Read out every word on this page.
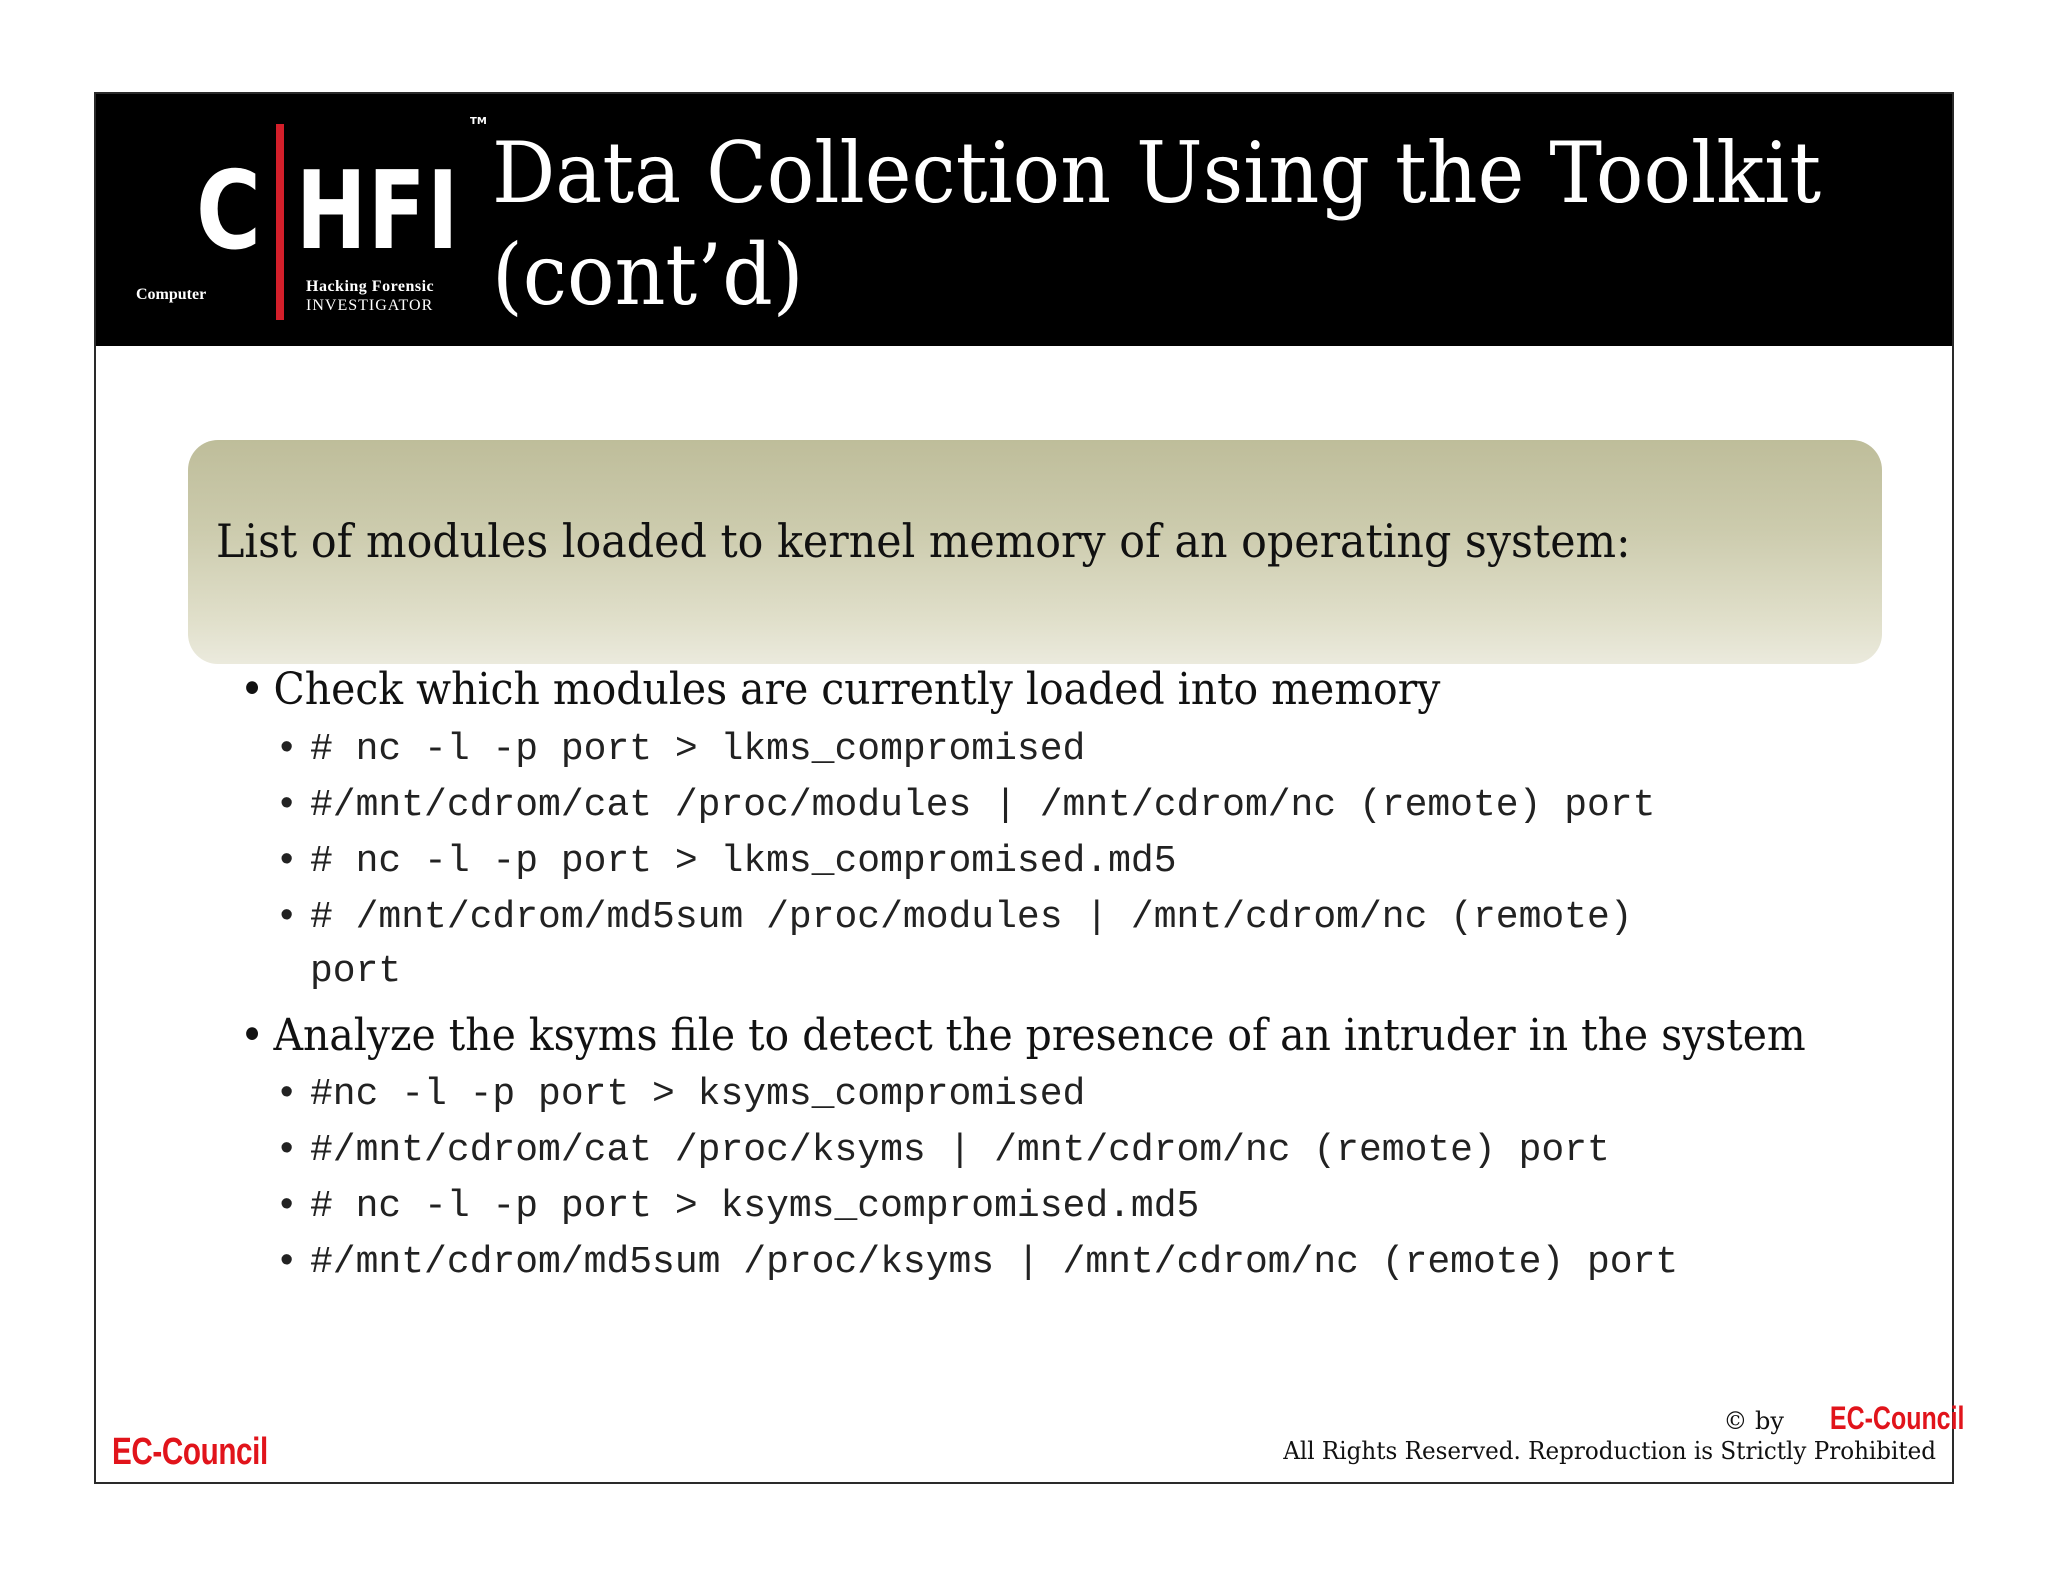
C HFI
TM
Computer	Hacking Forensic
INVESTIGATOR
Data Collection Using the Toolkit
(cont’d)
List of modules loaded to kernel memory of an operating system:
• Check which modules are currently loaded into memory
• # nc -l -p port > lkms_compromised
• #/mnt/cdrom/cat /proc/modules | /mnt/cdrom/nc (remote) port
• # nc -l -p port > lkms_compromised.md5
• # /mnt/cdrom/md5sum /proc/modules | /mnt/cdrom/nc (remote)
port
• Analyze the ksyms file to detect the presence of an intruder in the system
• #nc -l -p port > ksyms_compromised
• #/mnt/cdrom/cat /proc/ksyms | /mnt/cdrom/nc (remote) port
• # nc -l -p port > ksyms_compromised.md5
• #/mnt/cdrom/md5sum /proc/ksyms | /mnt/cdrom/nc (remote) port
EC-Council
© by EC-Council
All Rights Reserved. Reproduction is Strictly Prohibited
